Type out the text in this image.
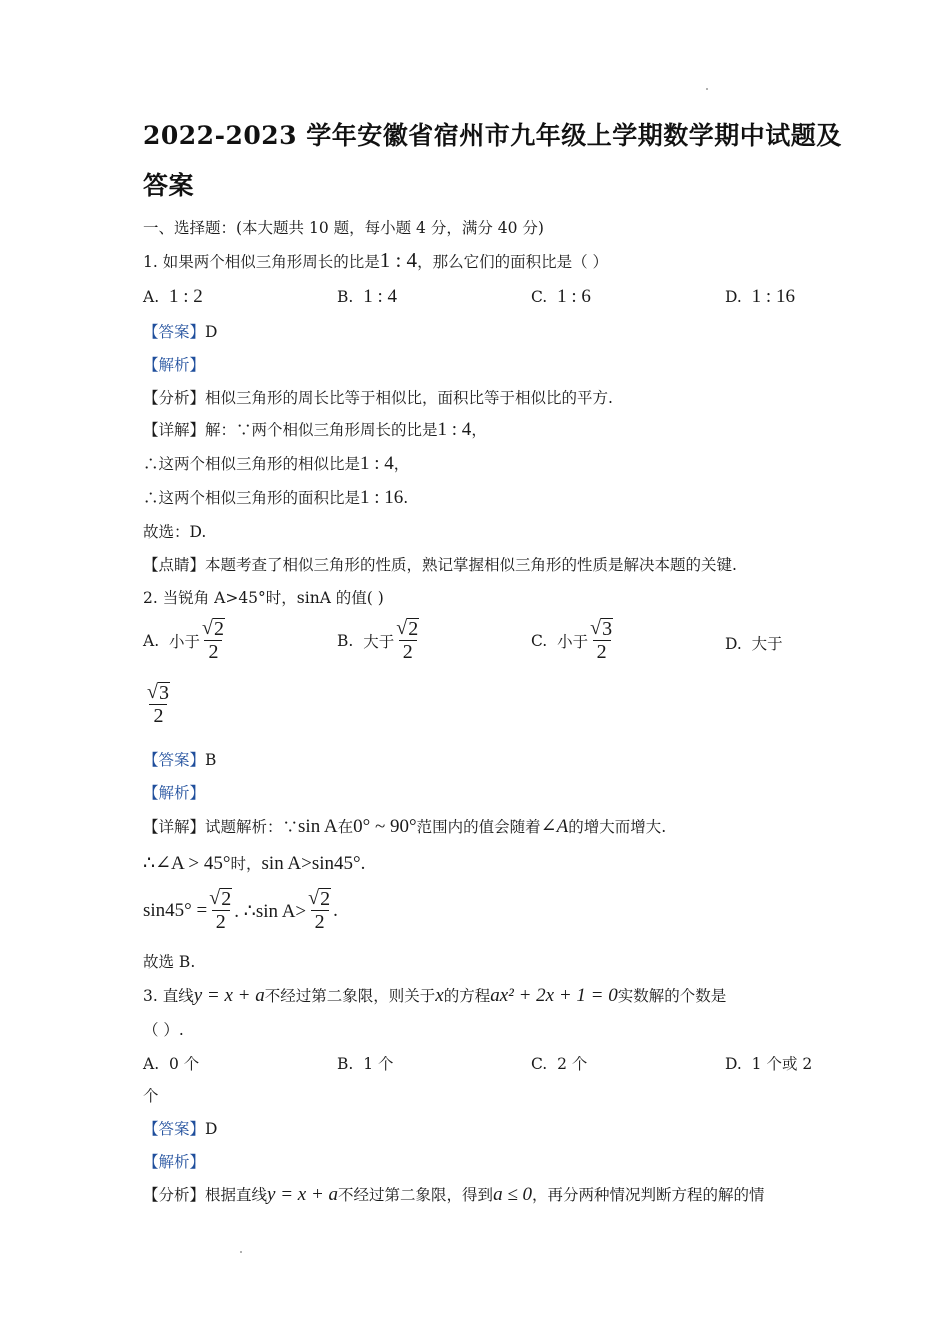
2022-2023 学年安徽省宿州市九年级上学期数学期中试题及
答案
一、选择题：(本大题共 10 题，每小题 4 分，满分 40 分)
1. 如果两个相似三角形周长的比是1 : 4，那么它们的面积比是（ ）
A. 1 : 2	B. 1 : 4	C. 1 : 6	D. 1 : 16
【答案】D
【解析】
【分析】相似三角形的周长比等于相似比，面积比等于相似比的平方.
【详解】解：∵两个相似三角形周长的比是1 : 4，
∴这两个相似三角形的相似比是1 : 4，
∴这两个相似三角形的面积比是1 : 16.
故选：D.
【点睛】本题考查了相似三角形的性质，熟记掌握相似三角形的性质是解决本题的关键.
2. 当锐角 A>45°时，sinA 的值( )
A.
小于 $\frac{√ 2}{2}$	B.
大于 $\frac{√ 2}{2}$	C.
小于 $\frac{√ 3}{2}$	D. 大于
$\frac{√ 3}{2}$
【答案】B
【解析】
【详解】试题解析：∵sin A在0° ~ 90°范围内的值会随着∠A的增大而增大.
∴∠A > 45°时，sin A>sin45°.
$\sin 45^\circ = \frac{√ 2}{2}$ . ∴sin $A> \frac{√ 2}{2}$ .
故选 B.
3. 直线y = x + a不经过第二象限，则关于x的方程ax² + 2x + 1 = 0实数解的个数是
（ ）.
A. 0 个	B. 1 个	C. 2 个	D. 1 个或 2
个
【答案】D
【解析】
【分析】根据直线y = x + a不经过第二象限，得到a ≤ 0，再分两种情况判断方程的解的情
